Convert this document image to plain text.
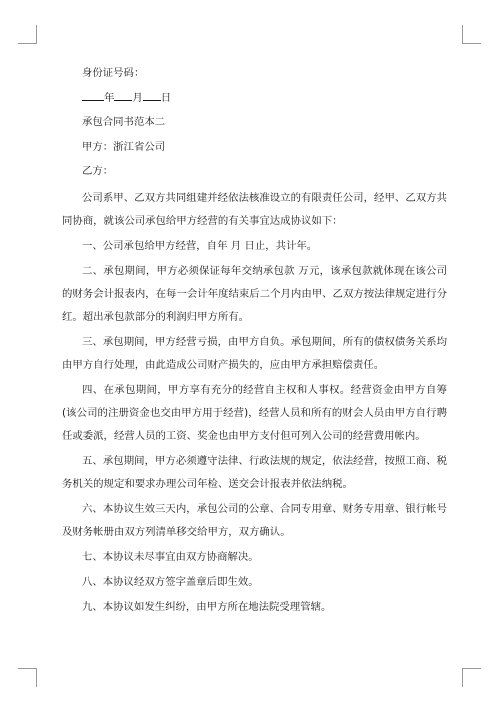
身份证号码：

年 月 日

承包合同书范本二

甲方：浙江省公司

乙方：

公司系甲、乙双方共同组建并经依法核准设立的有限责任公司，经甲、乙双方共同协商，就该公司承包给甲方经营的有关事宜达成协议如下：

一、公司承包给甲方经营，自年 月 日止，共计年。

二、承包期间，甲方必须保证每年交纳承包款 万元，该承包款就体现在该公司的财务会计报表内，在每一会计年度结束后二个月内由甲、乙双方按法律规定进行分红。超出承包款部分的利润归甲方所有。

三、承包期间，甲方经营亏损，由甲方自负。承包期间，所有的债权债务关系均由甲方自行处理，由此造成公司财产损失的，应由甲方承担赔偿责任。

四、在承包期间，甲方享有充分的经营自主权和人事权。经营资金由甲方自筹(该公司的注册资金也交由甲方用于经营)，经营人员和所有的财会人员由甲方自行聘任或委派，经营人员的工资、奖金也由甲方支付但可列入公司的经营费用帐内。

五、承包期间，甲方必须遵守法律、行政法规的规定，依法经营，按照工商、税务机关的规定和要求办理公司年检、送交会计报表并依法纳税。

六、本协议生效三天内，承包公司的公章、合同专用章、财务专用章、银行帐号及财务帐册由双方列清单移交给甲方，双方确认。

七、本协议未尽事宜由双方协商解决。

八、本协议经双方签字盖章后即生效。

九、本协议如发生纠纷，由甲方所在地法院受理管辖。
